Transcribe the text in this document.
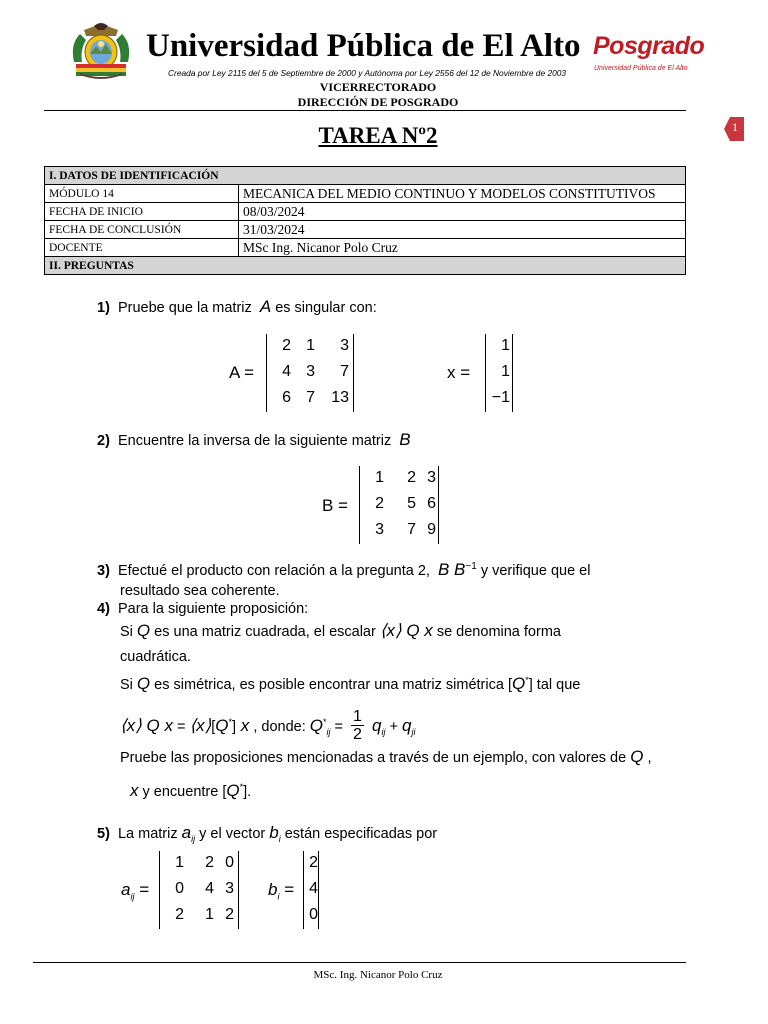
Universidad Pública de El Alto
Creada por Ley 2115 del 5 de Septiembre de 2000 y Autónoma por Ley 2556 del 12 de Noviembre de 2003
Posgrado
Universidad Pública de El Alto
VICERRECTORADO
DIRECCIÓN DE POSGRADO
TAREA Nº2	1
I. DATOS DE IDENTIFICACIÓN	
MÓDULO 14	MECANICA DEL MEDIO CONTINUO Y MODELOS CONSTITUTIVOS
FECHA DE INICIO	08/03/2024
FECHA DE CONCLUSIÓN	31/03/2024
DOCENTE	MSc Ing. Nicanor Polo Cruz
II. PREGUNTAS	
1) Pruebe que la matriz A es singular con:
A =
2 1	3
4 3	7
6 7	13
x =
1
1
−1
2) Encuentre la inversa de la siguiente matriz B
B =
1	2 3
2	5 6
3	7 9
3) Efectué el producto con relación a la pregunta 2, B $B^{-1}$ y verifique que el
resultado sea coherente.
4) Para la siguiente proposición:
Si Q es una matriz cuadrada, el escalar ⟨x⟩ Q x se denomina forma
cuadrática.
Si Q es simétrica, es posible encontrar una matriz simétrica [Q*] tal que
⟨x⟩ Q x = ⟨x⟩[Q*] x , donde: $Q^*_{ij} = \frac{1}{2} q_{ij} + q_{ji}$
Pruebe las proposiciones mencionadas a través de un ejemplo, con valores de Q ,
x y encuentre [Q*].
5) La matriz $a_{ij}$ y el vector $b_i$ están especificadas por
$a_{ij}$ =
1	2 0
0	4 3
2	1 2
$b_i$ =
2
4
0
MSc. Ing. Nicanor Polo Cruz
